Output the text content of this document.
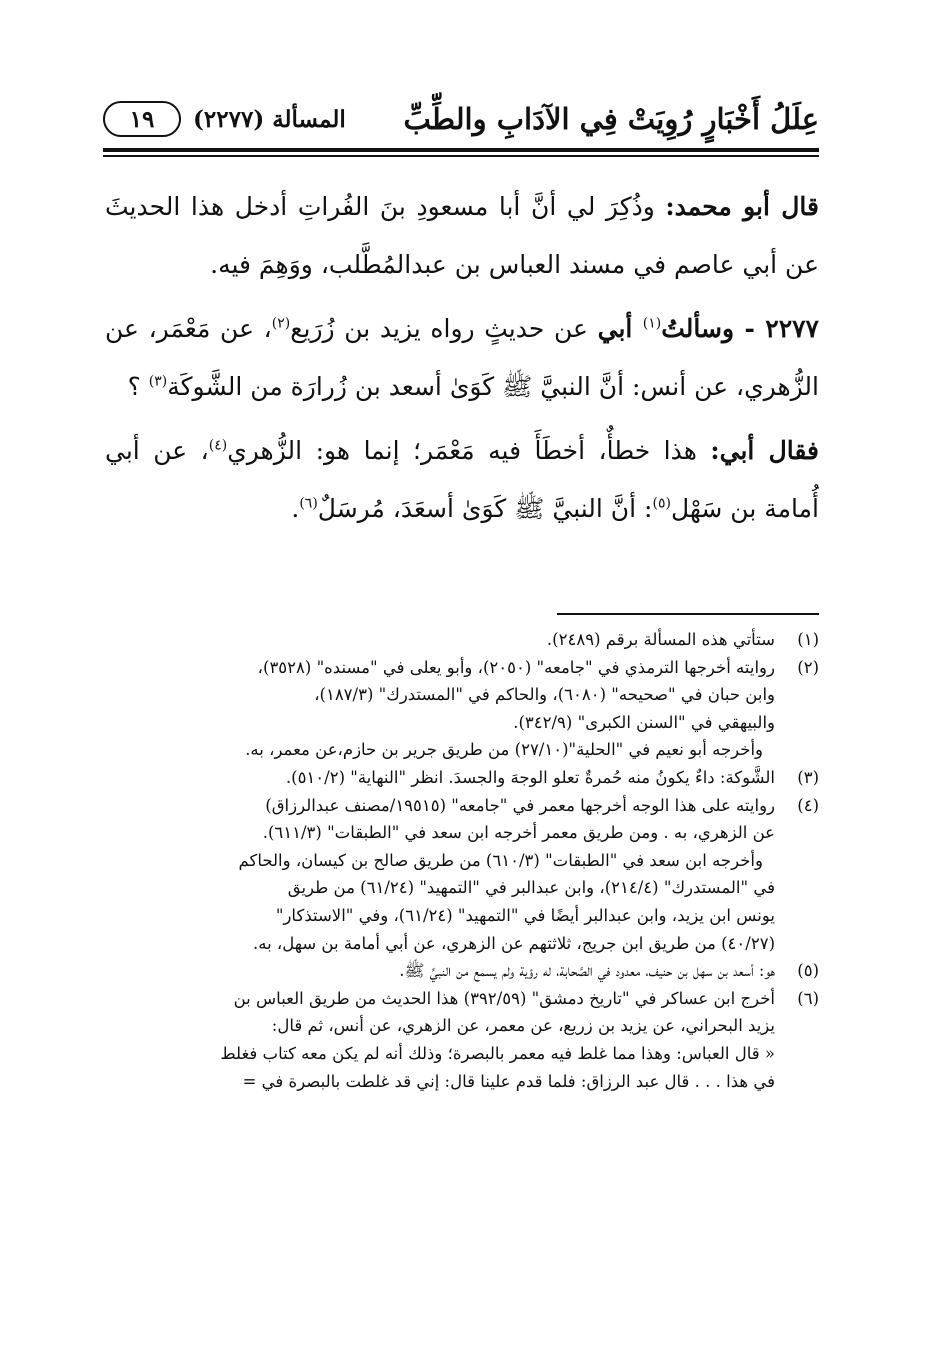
عِلَلُ أَخْبَارٍ رُوِيَتْ فِي الآدَابِ والطِّبِّ
المسألة (٢٢٧٧)
١٩

قال أبو محمد: وذُكِرَ لي أنَّ أبا مسعودِ بنَ الفُراتِ أدخل هذا الحديثَ عن أبي عاصم في مسند العباس بن عبدالمُطَّلب، ووَهِمَ فيه.

٢٢٧٧ - وسألتُ$^{(١)}$ أبي عن حديثٍ رواه يزيد بن زُرَيع$^{(٢)}$، عن مَعْمَر، عن الزُّهري، عن أنس: أنَّ النبيَّ ﷺ كَوَىٰ أسعد بن زُرارَة من الشَّوكَة$^{(٣)}$ ؟

فقال أبي: هذا خطأٌ، أخطَأَ فيه مَعْمَر؛ إنما هو: الزُّهري$^{(٤)}$، عن أبي أُمامة بن سَهْل$^{(٥)}$: أنَّ النبيَّ ﷺ كَوَىٰ أسعَدَ، مُرسَلٌ$^{(٦)}$.

(١)
ستأتي هذه المسألة برقم (٢٤٨٩).
(٢)
روايته أخرجها الترمذي في "جامعه" (٢٠٥٠)، وأبو يعلى في "مسنده" (٣٥٢٨)،
وابن حبان في "صحيحه" (٦٠٨٠)، والحاكم في "المستدرك" (١٨٧/٣)،
والبيهقي في "السنن الكبرى" (٣٤٢/٩).
وأخرجه أبو نعيم في "الحلية"(٢٧/١٠) من طريق جرير بن حازم،عن معمر، به.
(٣)
الشَّوكة: داءٌ يكونُ منه حُمرةٌ تعلو الوجهَ والجسدَ. انظر "النهاية" (٥١٠/٢).
(٤)
روايته على هذا الوجه أخرجها معمر في "جامعه" (١٩٥١٥/مصنف عبدالرزاق)
عن الزهري، به . ومن طريق معمر أخرجه ابن سعد في "الطبقات" (٦١١/٣).
وأخرجه ابن سعد في "الطبقات" (٦١٠/٣) من طريق صالح بن كيسان، والحاكم
في "المستدرك" (٢١٤/٤)، وابن عبدالبر في "التمهيد" (٦١/٢٤) من طريق
يونس ابن يزيد، وابن عبدالبر أيضًا في "التمهيد" (٦١/٢٤)، وفي "الاستذكار"
(٤٠/٢٧) من طريق ابن جريج، ثلاثتهم عن الزهري، عن أبي أمامة بن سهل، به.
(٥)
هو: أسعد بن سهل بن حنيف، معدود في الصَّحابة، له رؤية ولم يسمع من النبيِّ ﷺ.
(٦)
أخرج ابن عساكر في "تاريخ دمشق" (٣٩٢/٥٩) هذا الحديث من طريق العباس بن
يزيد البحراني، عن يزيد بن زريع، عن معمر، عن الزهري، عن أنس، ثم قال:
« قال العباس: وهذا مما غلط فيه معمر بالبصرة؛ وذلك أنه لم يكن معه كتاب فغلط
في هذا . . . قال عبد الرزاق: فلما قدم علينا قال: إني قد غلطت بالبصرة في =
